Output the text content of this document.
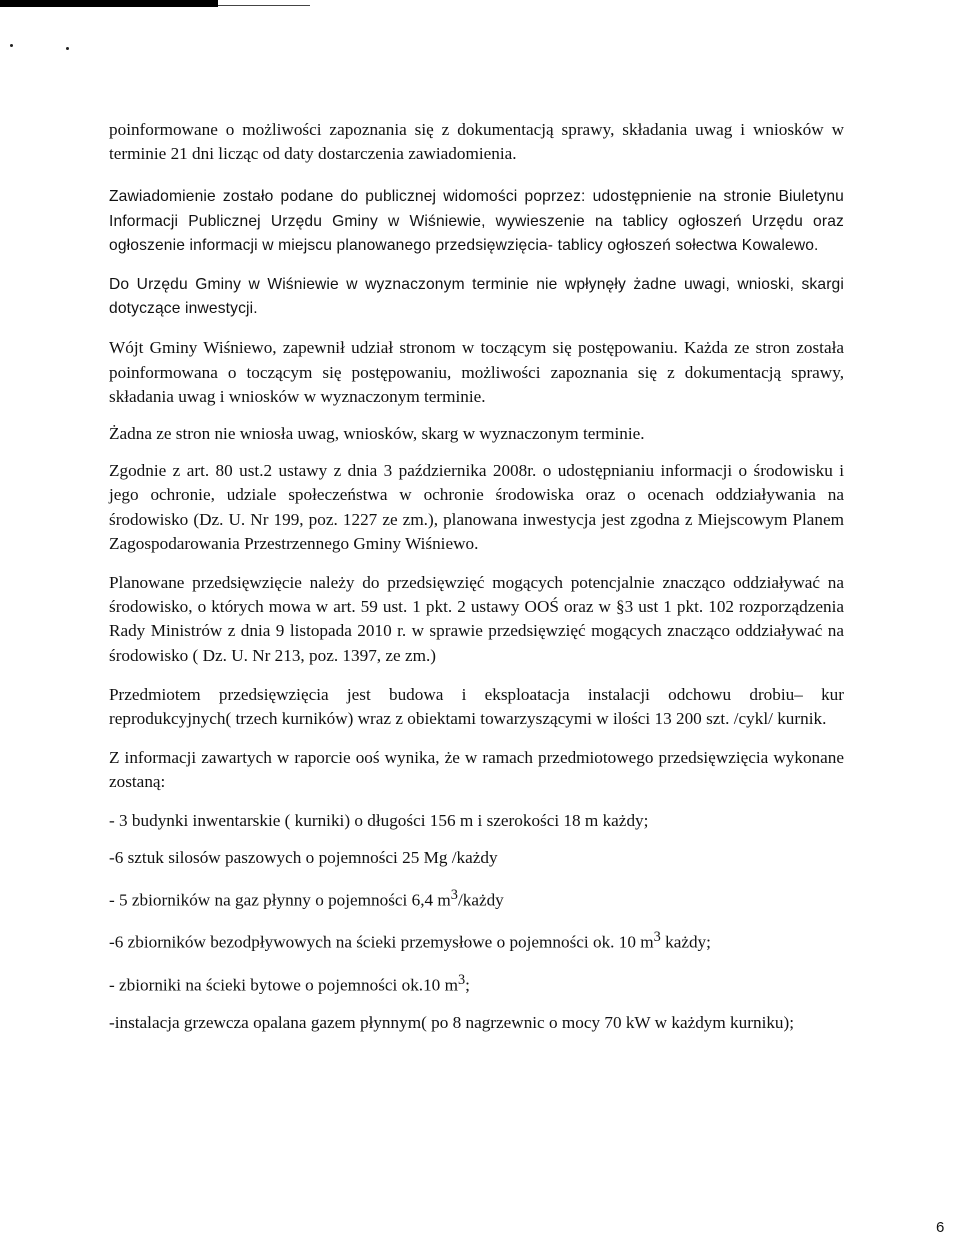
poinformowane o możliwości zapoznania się z dokumentacją sprawy, składania uwag i wniosków w terminie 21 dni licząc od daty dostarczenia zawiadomienia.

Zawiadomienie zostało podane do publicznej widomości poprzez: udostępnienie na stronie Biuletynu Informacji Publicznej Urzędu Gminy w Wiśniewie, wywieszenie na tablicy ogłoszeń Urzędu oraz ogłoszenie informacji w miejscu planowanego przedsięwzięcia- tablicy ogłoszeń sołectwa Kowalewo.

Do Urzędu Gminy w Wiśniewie w wyznaczonym terminie nie wpłynęły żadne uwagi, wnioski, skargi dotyczące inwestycji.

Wójt Gminy Wiśniewo, zapewnił udział stronom w toczącym się postępowaniu. Każda ze stron została poinformowana o toczącym się postępowaniu, możliwości zapoznania się z dokumentacją sprawy, składania uwag i wniosków w wyznaczonym terminie.

Żadna ze stron nie wniosła uwag, wniosków, skarg w wyznaczonym terminie.

Zgodnie z art. 80 ust.2 ustawy z dnia 3 października 2008r. o udostępnianiu informacji o środowisku i jego ochronie, udziale społeczeństwa w ochronie środowiska oraz o ocenach oddziaływania na środowisko (Dz. U. Nr 199, poz. 1227 ze zm.), planowana inwestycja jest zgodna z Miejscowym Planem Zagospodarowania Przestrzennego Gminy Wiśniewo.

Planowane przedsięwzięcie należy do przedsięwzięć mogących potencjalnie znacząco oddziaływać na środowisko, o których mowa w art. 59 ust. 1 pkt. 2 ustawy OOŚ oraz w §3 ust 1 pkt. 102 rozporządzenia Rady Ministrów z dnia 9 listopada 2010 r. w sprawie przedsięwzięć mogących znacząco oddziaływać na środowisko ( Dz. U. Nr 213, poz. 1397, ze zm.)

Przedmiotem przedsięwzięcia jest budowa i eksploatacja instalacji odchowu drobiu– kur reprodukcyjnych( trzech kurników) wraz z obiektami towarzyszącymi w ilości 13 200 szt. /cykl/ kurnik.

Z informacji zawartych w raporcie ooś wynika, że w ramach przedmiotowego przedsięwzięcia wykonane zostaną:

- 3 budynki inwentarskie ( kurniki) o długości 156 m i szerokości 18 m każdy;

-6 sztuk silosów paszowych o pojemności 25 Mg /każdy

- 5 zbiorników na gaz płynny o pojemności 6,4 $m^3$/każdy

-6 zbiorników bezodpływowych na ścieki przemysłowe o pojemności ok. 10 $m^3$ każdy;

- zbiorniki na ścieki bytowe o pojemności ok.10 $m^3$;

-instalacja grzewcza opalana gazem płynnym( po 8 nagrzewnic o mocy 70 kW w każdym kurniku);

6
